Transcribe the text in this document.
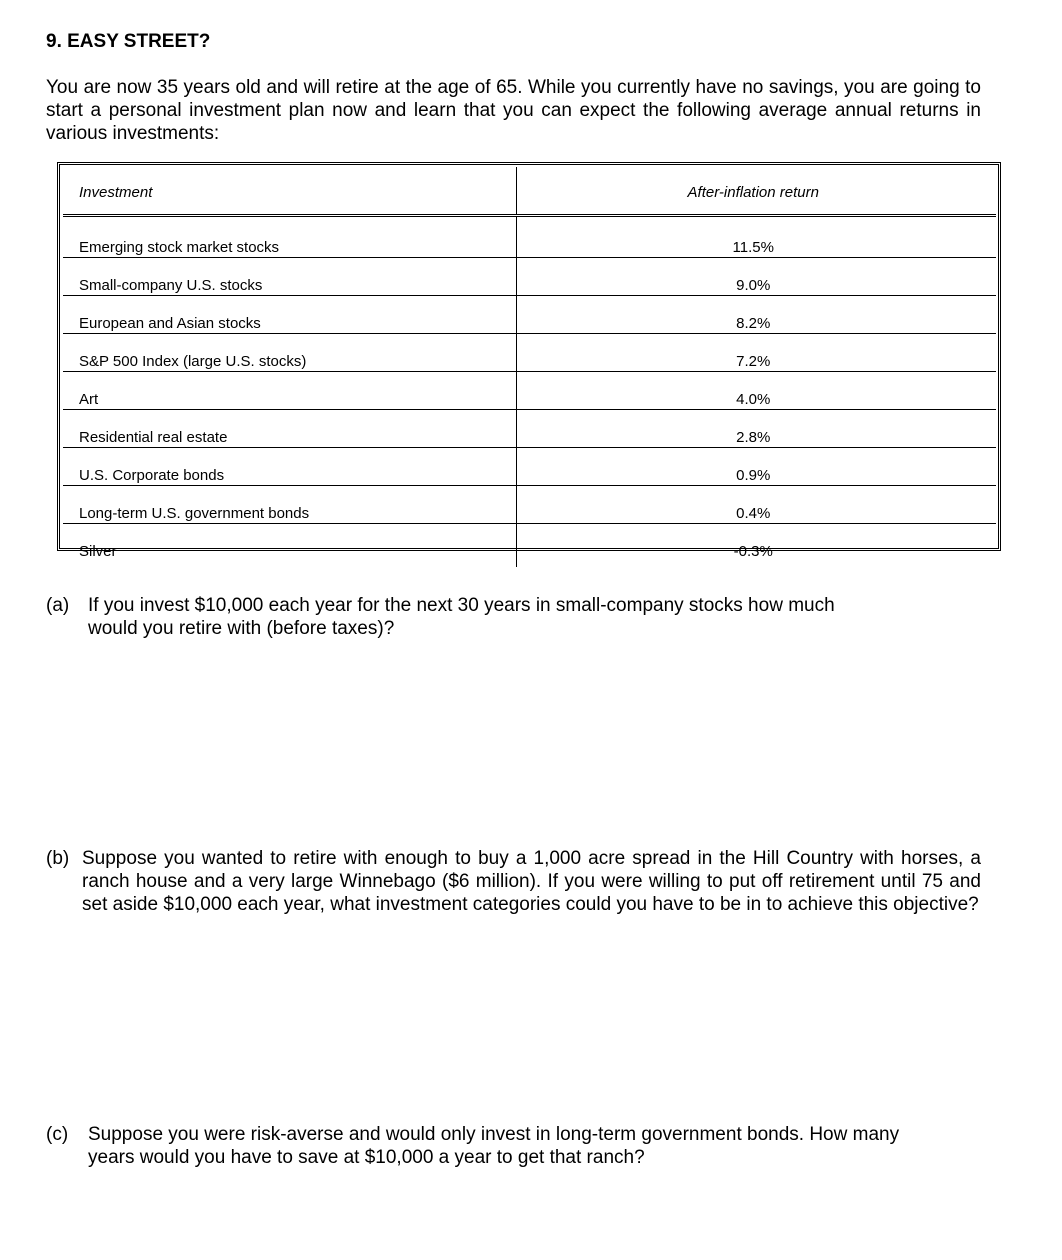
9. EASY STREET?

You are now 35 years old and will retire at the age of 65. While you currently have no savings, you are going to start a personal investment plan now and learn that you can expect the following average annual returns in various investments:

Investment	After-inflation return
Emerging stock market stocks	11.5%
Small-company U.S. stocks	9.0%
European and Asian stocks	8.2%
S&P 500 Index (large U.S. stocks)	7.2%
Art	4.0%
Residential real estate	2.8%
U.S. Corporate bonds	0.9%
Long-term U.S. government bonds	0.4%
Silver	-0.3%
(a) If you invest $10,000 each year for the next 30 years in small-company stocks how much would you retire with (before taxes)?
(b) Suppose you wanted to retire with enough to buy a 1,000 acre spread in the Hill Country with horses, a ranch house and a very large Winnebago ($6 million). If you were willing to put off retirement until 75 and set aside $10,000 each year, what investment categories could you have to be in to achieve this objective?
(c) Suppose you were risk-averse and would only invest in long-term government bonds. How many years would you have to save at $10,000 a year to get that ranch?
